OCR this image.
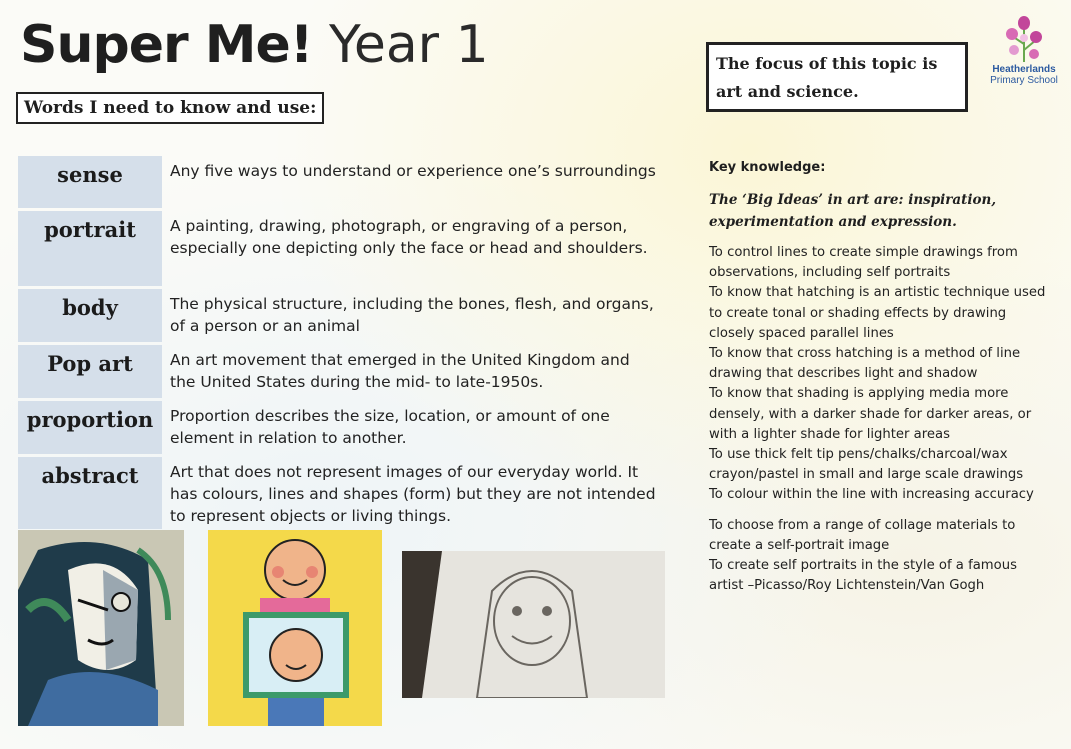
Super Me! Year 1
Words I need to know and use:
The focus of this topic is art and science.
Heatherlands
Primary School
sense	Any five ways to understand or experience one’s surroundings
portrait	A painting, drawing, photograph, or engraving of a person, especially one depicting only the face or head and shoulders.
body	The physical structure, including the bones, flesh, and organs, of a person or an animal
Pop art	An art movement that emerged in the United Kingdom and the United States during the mid- to late-1950s.
proportion	Proportion describes the size, location, or amount of one element in relation to another.
abstract	Art that does not represent images of our everyday world. It has colours, lines and shapes (form) but they are not intended to represent objects or living things.
Key knowledge:
The ‘Big Ideas’ in art are: inspiration, experimentation and expression.
To control lines to create simple drawings from observations, including self portraits
To know that hatching is an artistic technique used to create tonal or shading effects by drawing closely spaced parallel lines
To know that cross hatching is a method of line drawing that describes light and shadow
To know that shading is applying media more densely, with a darker shade for darker areas, or with a lighter shade for lighter areas
To use thick felt tip pens/chalks/charcoal/wax crayon/pastel in small and large scale drawings
To colour within the line with increasing accuracy
To choose from a range of collage materials to create a self-portrait image
To create self portraits in the style of a famous artist –Picasso/Roy Lichtenstein/Van Gogh
